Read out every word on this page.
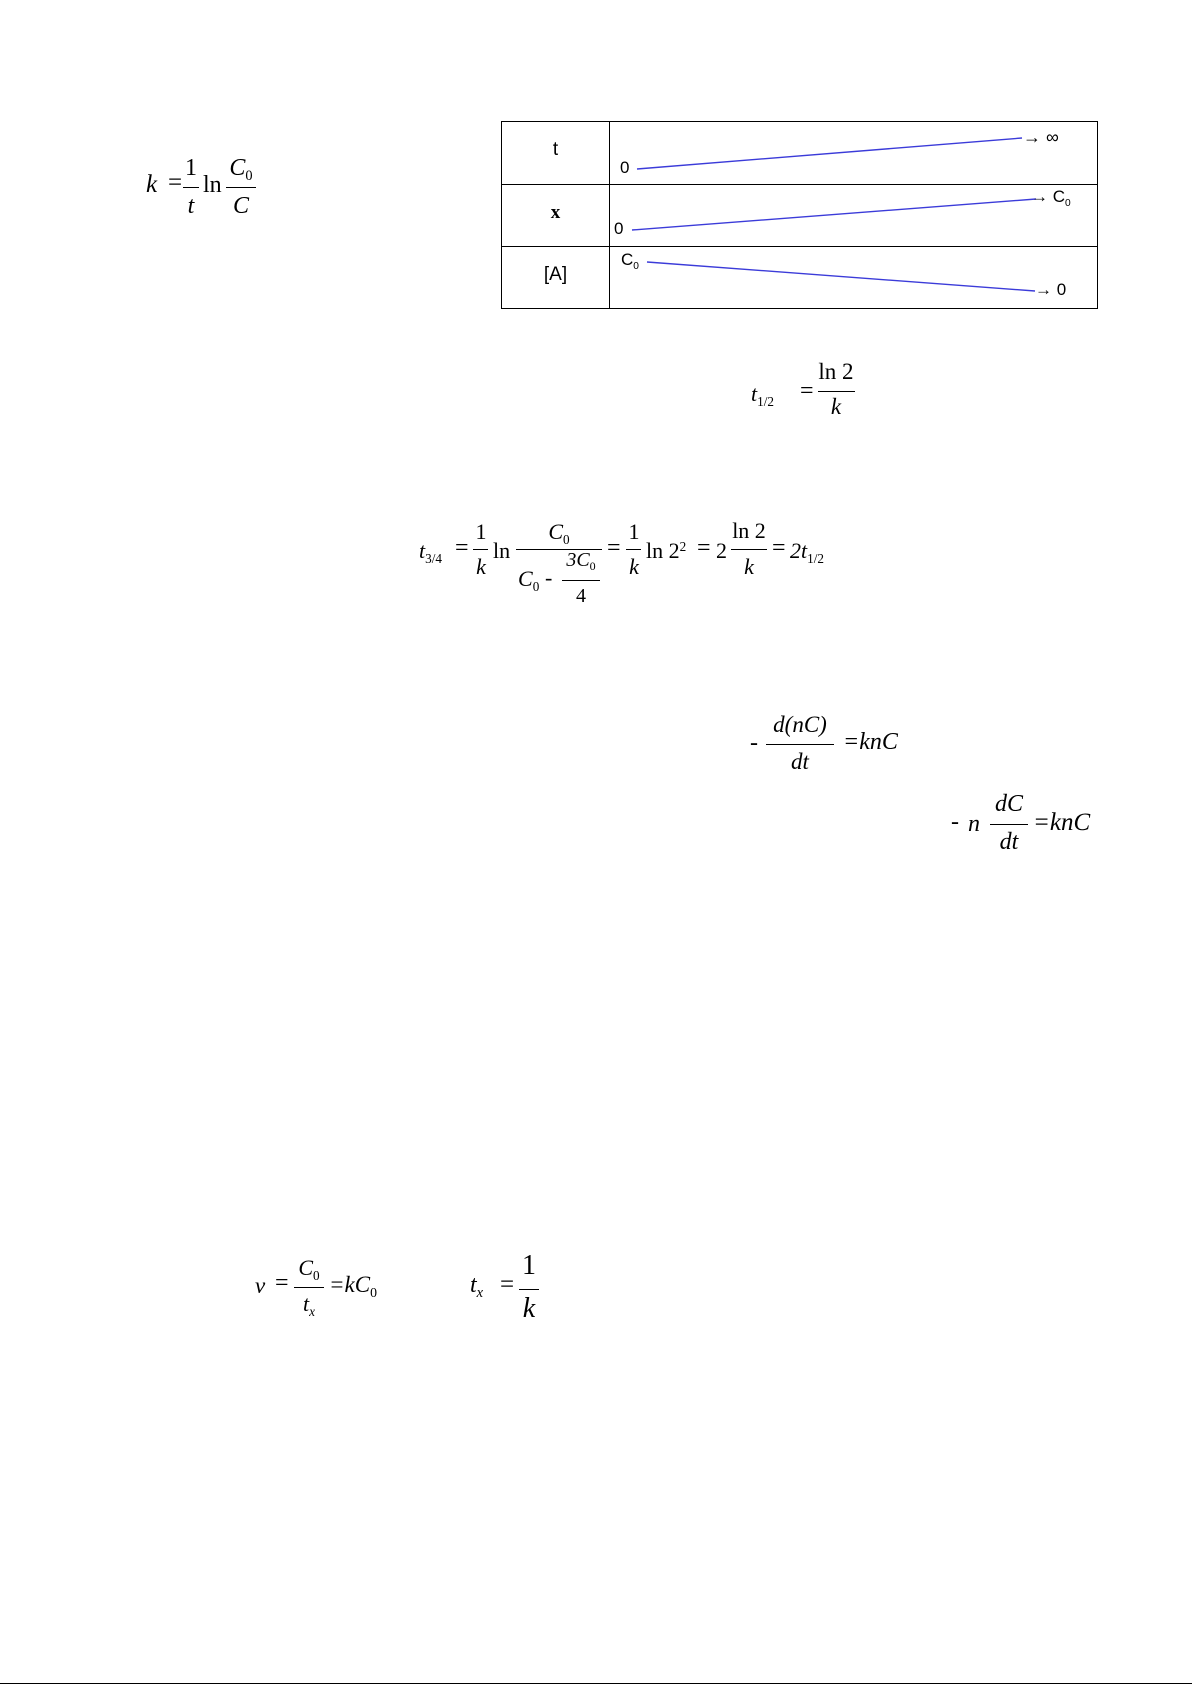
k =
1
t
ln
$C_0$
C
t
x
[A]
0
→ ∞
0
→ $C_0$
$C_0$
→ 0
$t_{1/2}$ =
ln 2
k
$t_{3/4}$ =
1
k
ln
$C_0$
$C_0$ -
$3C_0$
4
=
1
k
$\ln 2^2 = 2$
ln 2
k
= $2t_{1/2}$
-
d(nC)
dt
=knC
- n
dC
dt
=knC
v =
$C_0$
$t_x$
$=kC_0$	$t_x$ =
1
k
